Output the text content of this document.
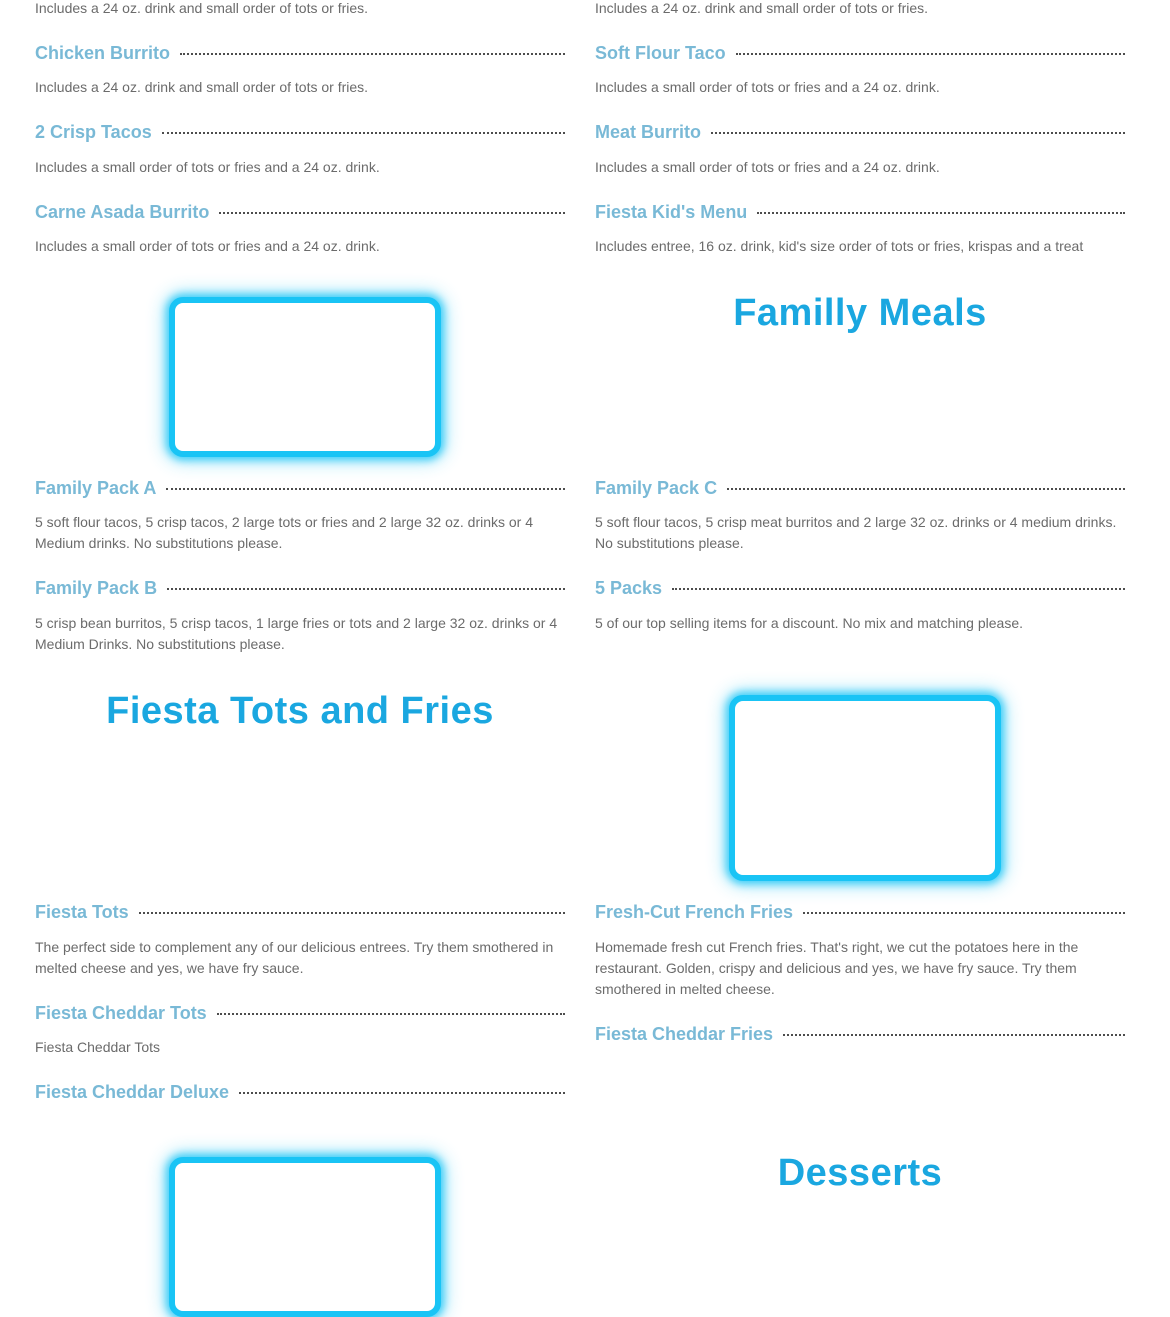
Includes a 24 oz. drink and small order of tots or fries.
Chicken Burrito
Includes a 24 oz. drink and small order of tots or fries.
2 Crisp Tacos
Includes a small order of tots or fries and a 24 oz. drink.
Carne Asada Burrito
Includes a small order of tots or fries and a 24 oz. drink.
Family Pack A
5 soft flour tacos, 5 crisp tacos, 2 large tots or fries and 2 large 32 oz. drinks or 4 Medium drinks. No substitutions please.
Family Pack B
5 crisp bean burritos, 5 crisp tacos, 1 large fries or tots and 2 large 32 oz. drinks or 4 Medium Drinks. No substitutions please.
Fiesta Tots and Fries
Fiesta Tots
The perfect side to complement any of our delicious entrees. Try them smothered in melted cheese and yes, we have fry sauce.
Fiesta Cheddar Tots
Fiesta Cheddar Tots
Fiesta Cheddar Deluxe
Includes a 24 oz. drink and small order of tots or fries.
Soft Flour Taco
Includes a small order of tots or fries and a 24 oz. drink.
Meat Burrito
Includes a small order of tots or fries and a 24 oz. drink.
Fiesta Kid's Menu
Includes entree, 16 oz. drink, kid's size order of tots or fries, krispas and a treat
Familly Meals
Family Pack C
5 soft flour tacos, 5 crisp meat burritos and 2 large 32 oz. drinks or 4 medium drinks. No substitutions please.
5 Packs
5 of our top selling items for a discount. No mix and matching please.
Fresh-Cut French Fries
Homemade fresh cut French fries. That's right, we cut the potatoes here in the restaurant. Golden, crispy and delicious and yes, we have fry sauce. Try them smothered in melted cheese.
Fiesta Cheddar Fries
Desserts
